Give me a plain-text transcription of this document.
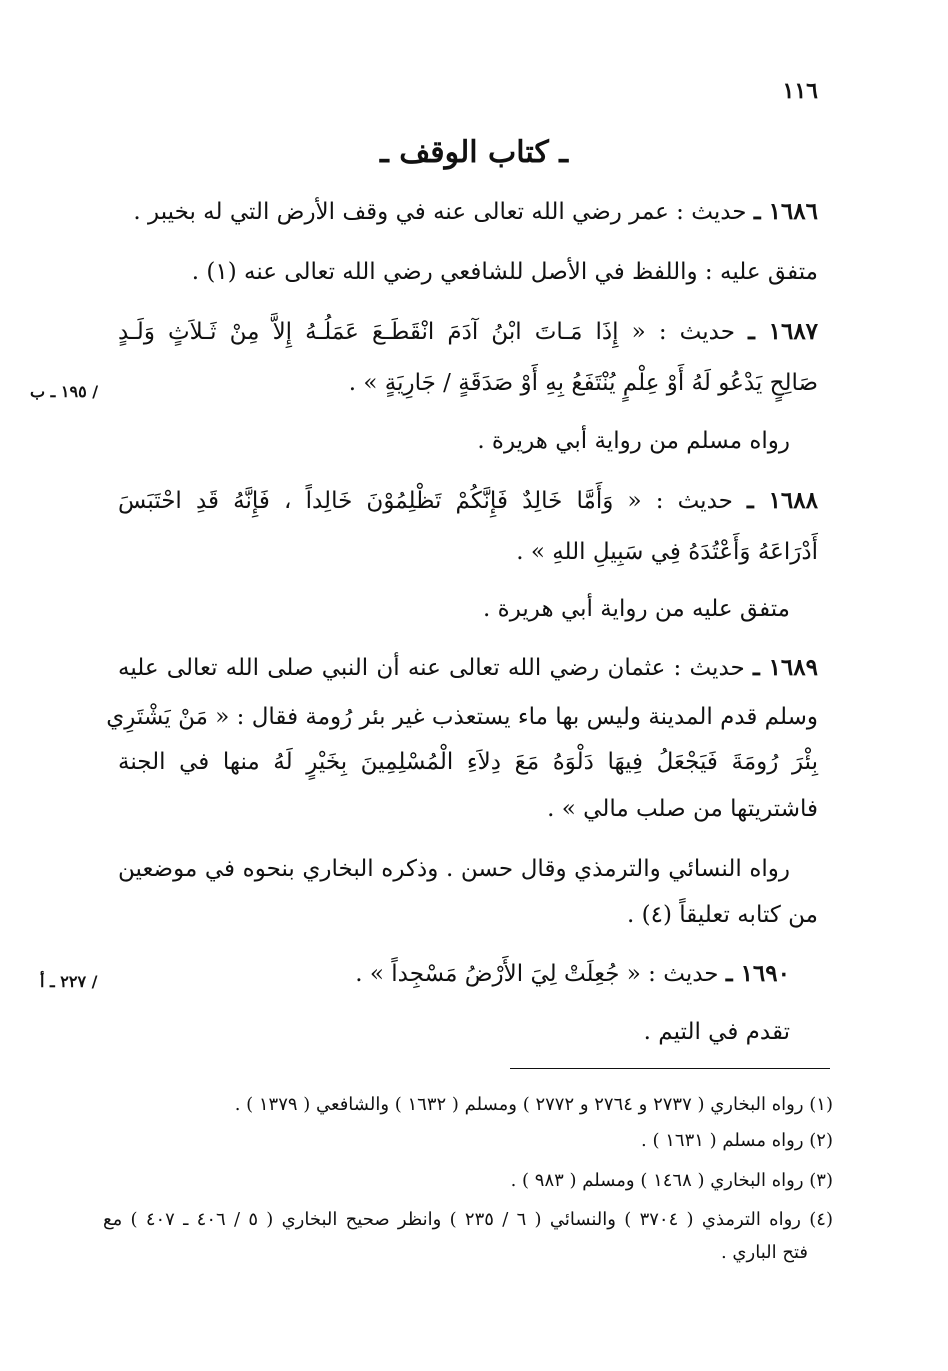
١١٦
ـ كتاب الوقف ـ
١٦٨٦ ـ حديث : عمر رضي الله تعالى عنه في وقف الأرض التي له بخيبر .
متفق عليه : واللفظ في الأصل للشافعي رضي الله تعالى عنه (١) .
١٦٨٧ ـ حديث : « إِذَا مَـاتَ ابْنُ آدَمَ انْقَطَـعَ عَمَلُـهُ إِلاَّ مِنْ ثَـلاَثٍ وَلَـدٍ
صَالِحٍ يَدْعُو لَهُ أَوْ عِلْمٍ يُنْتَفَعُ بِهِ أَوْ صَدَقَةٍ / جَارِيَةٍ » .
/ ١٩٥ ـ ب
رواه مسلم من رواية أبي هريرة .
١٦٨٨ ـ حديث : « وَأَمَّا خَالِدٌ فَإِنَّكُمْ تَظْلِمُوْنَ خَالِداً ، فَإِنَّهُ قَدِ احْتَبَسَ
أَدْرَاعَهُ وَأَعْتُدَهُ فِي سَبِيلِ اللهِ » .
متفق عليه من رواية أبي هريرة .
١٦٨٩ ـ حديث : عثمان رضي الله تعالى عنه أن النبي صلى الله تعالى عليه
وسلم قدم المدينة وليس بها ماء يستعذب غير بئر رُومة فقال : « مَنْ يَشْتَرِي
بِئْرَ رُومَةَ فَيَجْعَلُ فِيهَا دَلْوَهُ مَعَ دِلاَءِ الْمُسْلِمِينَ بِخَيْرٍ لَهُ منها في الجنة
فاشتريتها من صلب مالي » .
رواه النسائي والترمذي وقال حسن . وذكره البخاري بنحوه في موضعين
من كتابه تعليقاً (٤) .
١٦٩٠ ـ حديث : « جُعِلَتْ لِيَ الأَرْضُ مَسْجِداً » .
/ ٢٢٧ ـ أ
تقدم في التيم .
(١) رواه البخاري ( ٢٧٣٧ و ٢٧٦٤ و ٢٧٧٢ ) ومسلم ( ١٦٣٢ ) والشافعي ( ١٣٧٩ ) .
(٢) رواه مسلم ( ١٦٣١ ) .
(٣) رواه البخاري ( ١٤٦٨ ) ومسلم ( ٩٨٣ ) .
(٤) رواه الترمذي ( ٣٧٠٤ ) والنسائي ( ٦ / ٢٣٥ ) وانظر صحيح البخاري ( ٥ / ٤٠٦ ـ ٤٠٧ ) مع
فتح الباري .
